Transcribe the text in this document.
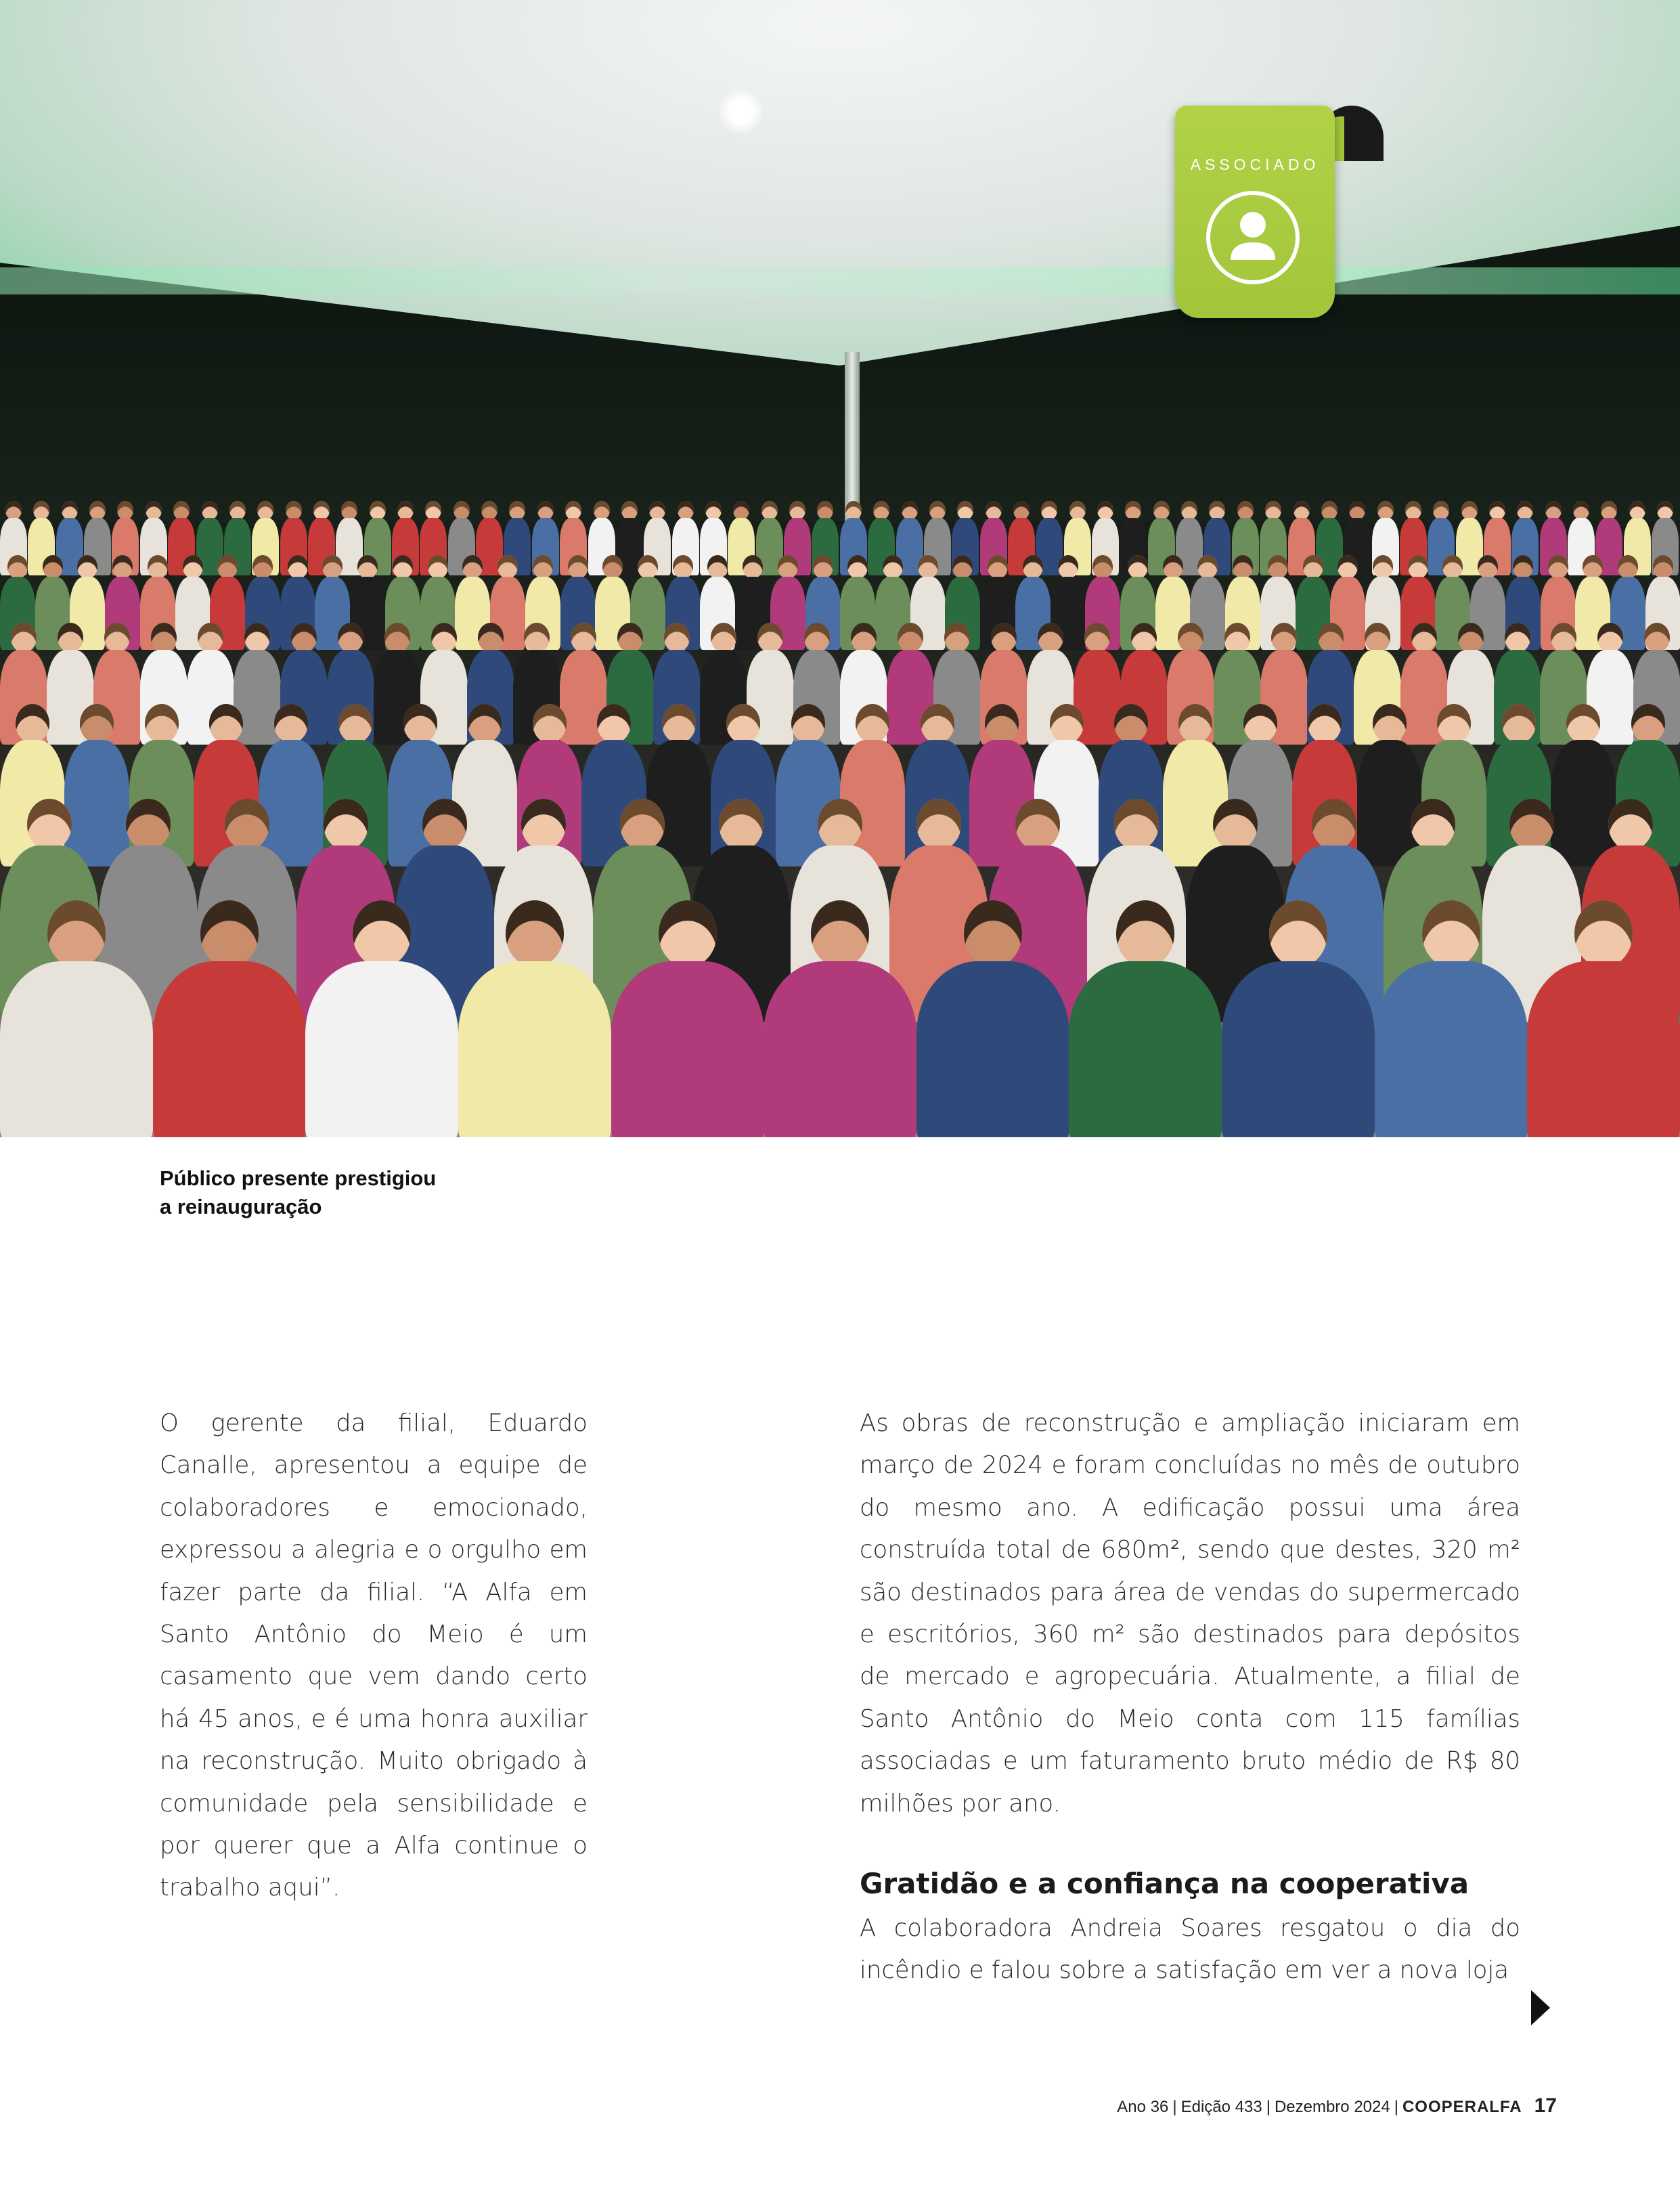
ASSOCIADO
Público presente prestigiou
a reinauguração

O gerente da filial, Eduardo Canalle, apresentou a equipe de colaboradores e emocionado, expressou a alegria e o orgulho em fazer parte da filial. “A Alfa em Santo Antônio do Meio é um casamento que vem dando certo há 45 anos, e é uma honra auxiliar na reconstrução. Muito obrigado à comunidade pela sensibilidade e por querer que a Alfa continue o trabalho aqui”.

As obras de reconstrução e ampliação iniciaram em março de 2024 e foram concluídas no mês de outubro do mesmo ano. A edificação possui uma área construída total de 680m², sendo que destes, 320 m² são destinados para área de vendas do supermercado e escritórios, 360 m² são destinados para depósitos de mercado e agropecuária. Atualmente, a filial de Santo Antônio do Meio conta com 115 famílias associadas e um faturamento bruto médio de R$ 80 milhões por ano.

Gratidão e a confiança na cooperativa

A colaboradora Andreia Soares resgatou o dia do incêndio e falou sobre a satisfação em ver a nova loja

Ano 36 | Edição 433 | Dezembro 2024 | COOPERALFA 17
